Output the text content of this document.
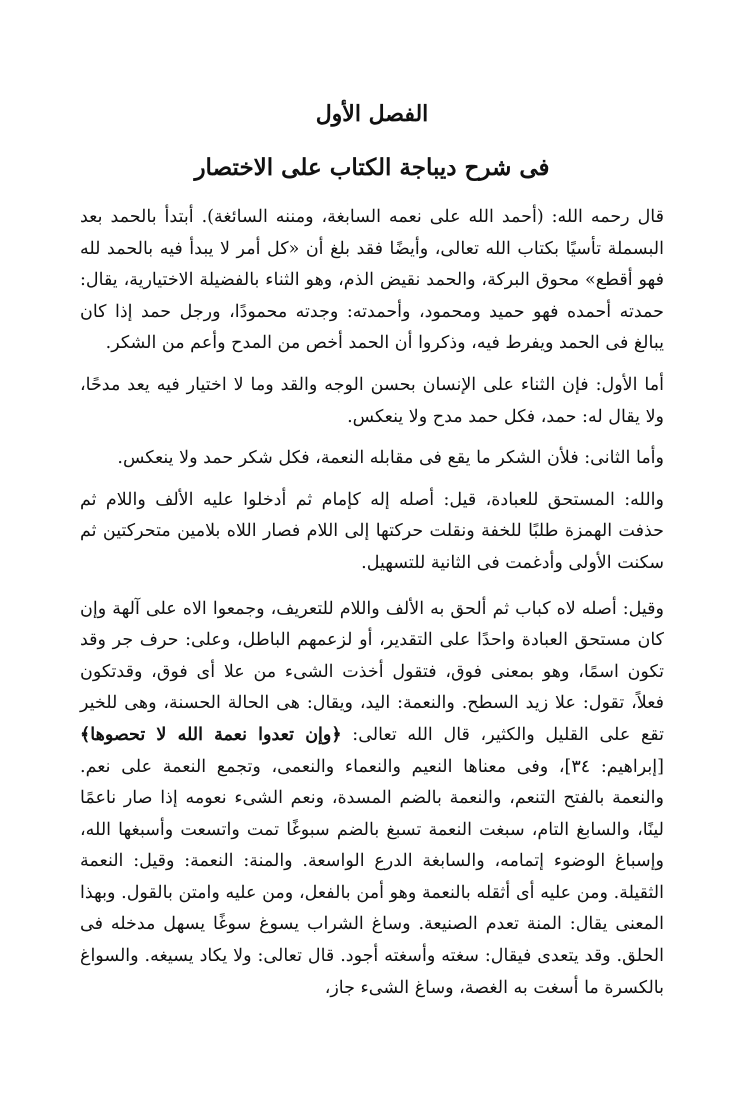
الفصل الأول
فى شرح ديباجة الكتاب على الاختصار

قال رحمه الله: (أحمد الله على نعمه السابغة، ومننه السائغة). أبتدأ بالحمد بعد البسملة تأسيًا بكتاب الله تعالى، وأيضًا فقد بلغ أن «كل أمر لا يبدأ فيه بالحمد لله فهو أقطع» محوق البركة، والحمد نقيض الذم، وهو الثناء بالفضيلة الاختيارية، يقال: حمدته أحمده فهو حميد ومحمود، وأحمدته: وجدته محمودًا، ورجل حمد إذا كان يبالغ فى الحمد ويفرط فيه، وذكروا أن الحمد أخص من المدح وأعم من الشكر.

أما الأول: فإن الثناء على الإنسان بحسن الوجه والقد وما لا اختيار فيه يعد مدحًا، ولا يقال له: حمد، فكل حمد مدح ولا ينعكس.

وأما الثانى: فلأن الشكر ما يقع فى مقابله النعمة، فكل شكر حمد ولا ينعكس.

والله: المستحق للعبادة، قيل: أصله إله كإمام ثم أدخلوا عليه الألف واللام ثم حذفت الهمزة طلبًا للخفة ونقلت حركتها إلى اللام فصار اللاه بلامين متحركتين ثم سكنت الأولى وأدغمت فى الثانية للتسهيل.

وقيل: أصله لاه كباب ثم ألحق به الألف واللام للتعريف، وجمعوا الاه على آلهة وإن كان مستحق العبادة واحدًا على التقدير، أو لزعمهم الباطل، وعلى: حرف جر وقد تكون اسمًا، وهو بمعنى فوق، فتقول أخذت الشىء من علا أى فوق، وقدتكون فعلاً، تقول: علا زيد السطح. والنعمة: اليد، ويقال: هى الحالة الحسنة، وهى للخير تقع على القليل والكثير، قال الله تعالى: ﴿وإن تعدوا نعمة الله لا تحصوها﴾ [إبراهيم: ٣٤]، وفى معناها النعيم والنعماء والنعمى، وتجمع النعمة على نعم. والنعمة بالفتح التنعم، والنعمة بالضم المسدة، ونعم الشىء نعومه إذا صار ناعمًا لينًا، والسابغ التام، سبغت النعمة تسبغ بالضم سبوغًا تمت واتسعت وأسبغها الله، وإسباغ الوضوء إتمامه، والسابغة الدرع الواسعة. والمنة: النعمة: وقيل: النعمة الثقيلة. ومن عليه أى أثقله بالنعمة وهو أمن بالفعل، ومن عليه وامتن بالقول. وبهذا المعنى يقال: المنة تعدم الصنيعة. وساغ الشراب يسوغ سوغًا يسهل مدخله فى الحلق. وقد يتعدى فيقال: سغته وأسغته أجود. قال تعالى: ولا يكاد يسيغه. والسواغ بالكسرة ما أسغت به الغصة، وساغ الشىء جاز،
